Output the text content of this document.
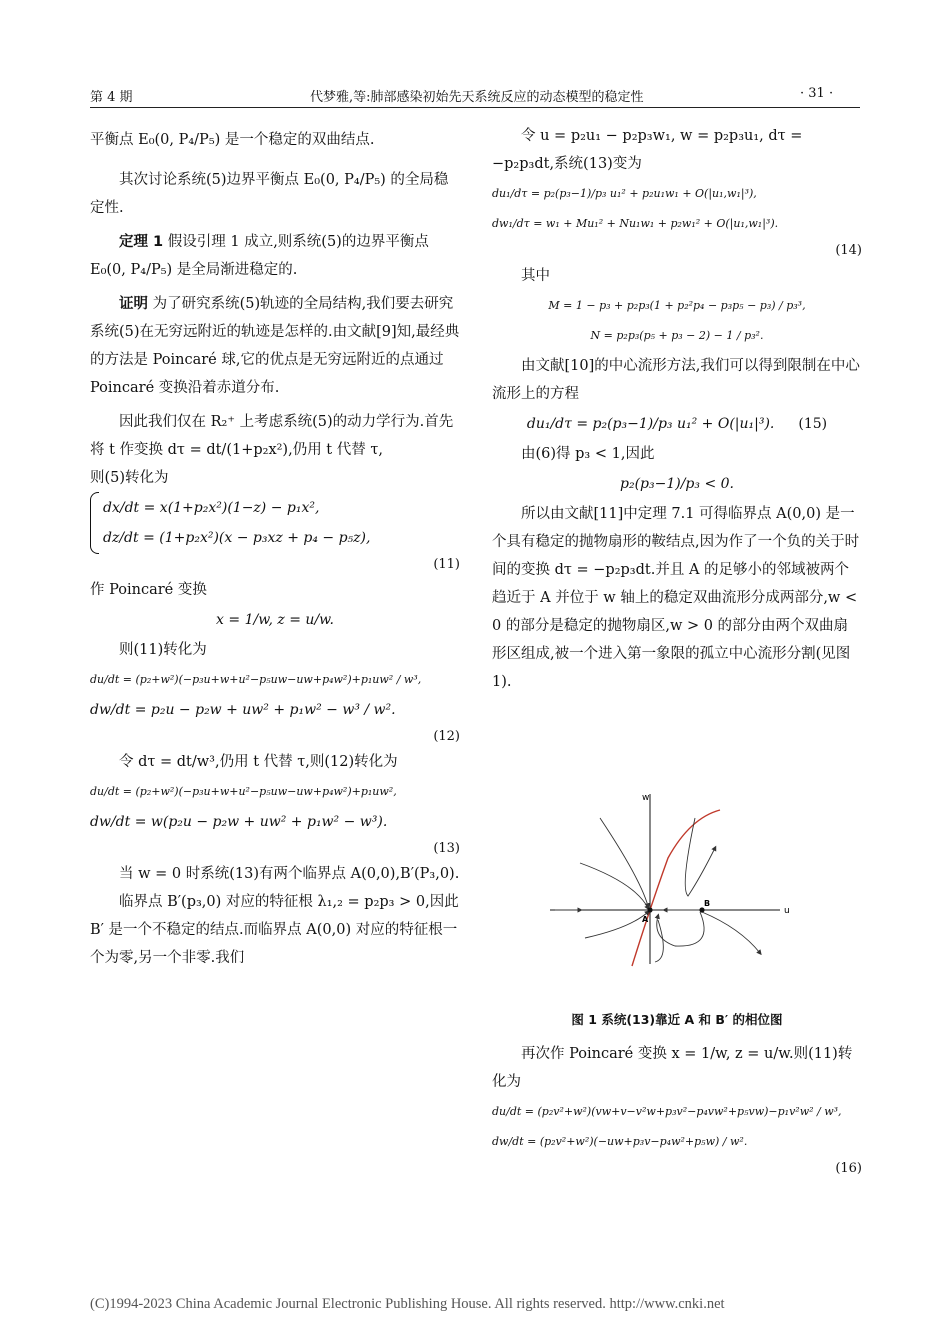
第 4 期	代梦雅,等:肺部感染初始先天系统反应的动态模型的稳定性	· 31 ·

平衡点 E₀(0, P₄/P₅) 是一个稳定的双曲结点.

其次讨论系统(5)边界平衡点 E₀(0, P₄/P₅) 的全局稳定性.

定理 1 假设引理 1 成立,则系统(5)的边界平衡点 E₀(0, P₄/P₅) 是全局渐进稳定的.

证明 为了研究系统(5)轨迹的全局结构,我们要去研究系统(5)在无穷远附近的轨迹是怎样的.由文献[9]知,最经典的方法是 Poincaré 球,它的优点是无穷远附近的点通过 Poincaré 变换沿着赤道分布.

因此我们仅在 R₂⁺ 上考虑系统(5)的动力学行为.首先将 t 作变换 dτ = dt/(1+p₂x²),仍用 t 代替 τ,

则(5)转化为

dx/dt = x(1+p₂x²)(1−z) − p₁x²,
dz/dt = (1+p₂x²)(x − p₃xz + p₄ − p₅z),
(11)

作 Poincaré 变换

x = 1/w, z = u/w.

则(11)转化为

du/dt = (p₂+w²)(−p₃u+w+u²−p₅uw−uw+p₄w²)+p₁uw² / w³,
dw/dt = p₂u − p₂w + uw² + p₁w² − w³ / w².
(12)

令 dτ = dt/w³,仍用 t 代替 τ,则(12)转化为

du/dt = (p₂+w²)(−p₃u+w+u²−p₅uw−uw+p₄w²)+p₁uw²,
dw/dt = w(p₂u − p₂w + uw² + p₁w² − w³).
(13)

当 w = 0 时系统(13)有两个临界点 A(0,0),B′(P₃,0).

临界点 B′(p₃,0) 对应的特征根 λ₁,₂ = p₂p₃ > 0,因此 B′ 是一个不稳定的结点.而临界点 A(0,0) 对应的特征根一个为零,另一个非零.我们

令 u = p₂u₁ − p₂p₃w₁, w = p₂p₃u₁, dτ = −p₂p₃dt,系统(13)变为

du₁/dτ = p₂(p₃−1)/p₃ u₁² + p₂u₁w₁ + O(|u₁,w₁|³),
dw₁/dτ = w₁ + Mu₁² + Nu₁w₁ + p₂w₁² + O(|u₁,w₁|³).
(14)

其中

M = 1 − p₃ + p₂p₃(1 + p₂²p₄ − p₃p₅ − p₃) / p₃³,
N = p₂p₃(p₅ + p₃ − 2) − 1 / p₃².

由文献[10]的中心流形方法,我们可以得到限制在中心流形上的方程

du₁/dτ = p₂(p₃−1)/p₃ u₁² + O(|u₁|³). (15)

由(6)得 p₃ < 1,因此

p₂(p₃−1)/p₃ < 0.

所以由文献[11]中定理 7.1 可得临界点 A(0,0) 是一个具有稳定的抛物扇形的鞍结点,因为作了一个负的关于时间的变换 dτ = −p₂p₃dt.并且 A 的足够小的邻域被两个趋近于 A 并位于 w 轴上的稳定双曲流形分成两部分,w < 0 的部分是稳定的抛物扇区,w > 0 的部分由两个双曲扇形区组成,被一个进入第一象限的孤立中心流形分割(见图 1).

w
u
A
B
图 1 系统(13)靠近 A 和 B′ 的相位图

再次作 Poincaré 变换 x = 1/w, z = u/w.则(11)转

化为

du/dt = (p₂v²+w²)(vw+v−v²w+p₃v²−p₄vw²+p₅vw)−p₁v²w² / w³,
dw/dt = (p₂v²+w²)(−uw+p₃v−p₄w²+p₅w) / w².
(16)
(C)1994-2023 China Academic Journal Electronic Publishing House. All rights reserved. http://www.cnki.net
